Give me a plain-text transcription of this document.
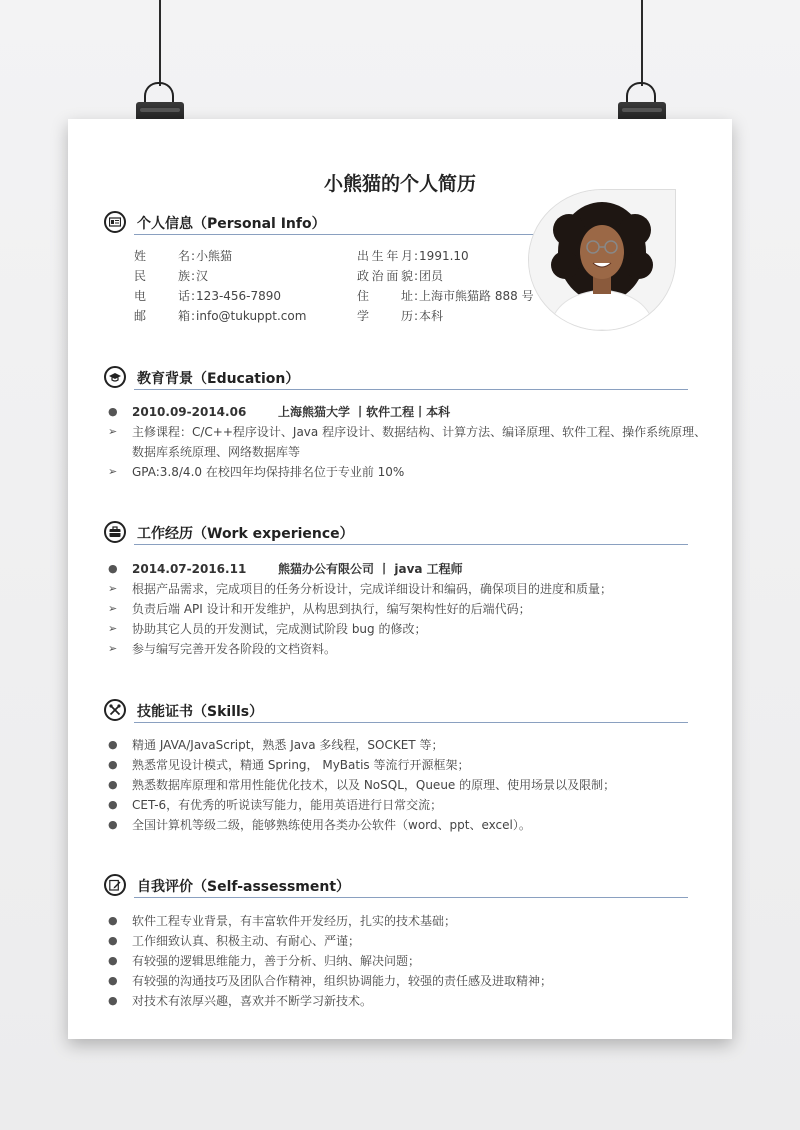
小熊猫的个人简历
个人信息（Personal Info）
姓名:小熊猫
民族:汉
电话:123-456-7890
邮箱:info@tukuppt.com
出生年月:1991.10
政治面貌:团员
住址:上海市熊猫路 888 号
学历:本科
教育背景（Education）
● 2010.09-2014.06	上海熊猫大学 丨软件工程丨本科
➢ 主修课程：C/C++程序设计、Java 程序设计、数据结构、计算方法、编译原理、软件工程、操作系统原理、
数据库系统原理、网络数据库等
➢ GPA:3.8/4.0 在校四年均保持排名位于专业前 10%
工作经历（Work experience）
● 2014.07-2016.11	熊猫办公有限公司 丨 java 工程师
➢ 根据产品需求，完成项目的任务分析设计，完成详细设计和编码，确保项目的进度和质量；
➢ 负责后端 API 设计和开发维护，从构思到执行，编写架构性好的后端代码；
➢ 协助其它人员的开发测试，完成测试阶段 bug 的修改；
➢ 参与编写完善开发各阶段的文档资料。
技能证书（Skills）
● 精通 JAVA/JavaScript，熟悉 Java 多线程，SOCKET 等；
● 熟悉常见设计模式，精通 Spring， MyBatis 等流行开源框架；
● 熟悉数据库原理和常用性能优化技术，以及 NoSQL，Queue 的原理、使用场景以及限制；
● CET-6，有优秀的听说读写能力，能用英语进行日常交流；
● 全国计算机等级二级，能够熟练使用各类办公软件（word、ppt、excel）。
自我评价（Self-assessment）
● 软件工程专业背景，有丰富软件开发经历，扎实的技术基础；
● 工作细致认真、积极主动、有耐心、严谨；
● 有较强的逻辑思维能力，善于分析、归纳、解决问题；
● 有较强的沟通技巧及团队合作精神，组织协调能力，较强的责任感及进取精神；
● 对技术有浓厚兴趣，喜欢并不断学习新技术。
